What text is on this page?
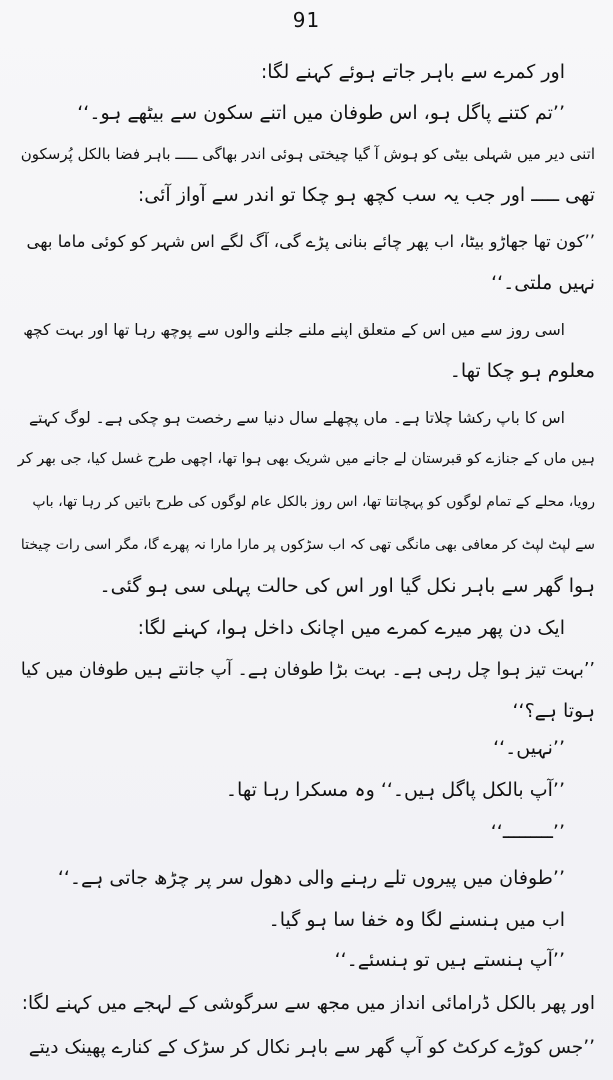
91
اور کمرے سے باہر جاتے ہوئے کہنے لگا:
’’تم کتنے پاگل ہو، اس طوفان میں اتنے سکون سے بیٹھے ہو۔‘‘
اتنی دیر میں شہلی بیٹی کو ہوش آ گیا چیختی ہوئی اندر بھاگی ـــــ باہر فضا بالکل پُرسکون
تھی ـــــ اور جب یہ سب کچھ ہو چکا تو اندر سے آواز آئی:
’’کون تھا جھاڑو بیٹا، اب پھر چائے بنانی پڑے گی، آگ لگے اس شہر کو کوئی ماما بھی
نہیں ملتی۔‘‘
اسی روز سے میں اس کے متعلق اپنے ملنے جلنے والوں سے پوچھ رہا تھا اور بہت کچھ
معلوم ہو چکا تھا۔
اس کا باپ رکشا چلاتا ہے۔ ماں پچھلے سال دنیا سے رخصت ہو چکی ہے۔ لوگ کہتے
ہیں ماں کے جنازے کو قبرستان لے جانے میں شریک بھی ہوا تھا، اچھی طرح غسل کیا، جی بھر کر
رویا، محلے کے تمام لوگوں کو پہچانتا تھا، اس روز بالکل عام لوگوں کی طرح باتیں کر رہا تھا، باپ
سے لپٹ لپٹ کر معافی بھی مانگی تھی کہ اب سڑکوں پر مارا مارا نہ پھرے گا، مگر اسی رات چیختا
ہوا گھر سے باہر نکل گیا اور اس کی حالت پہلی سی ہو گئی۔
ایک دن پھر میرے کمرے میں اچانک داخل ہوا، کہنے لگا:
’’بہت تیز ہوا چل رہی ہے۔ بہت بڑا طوفان ہے۔ آپ جانتے ہیں طوفان میں کیا
ہوتا ہے؟‘‘
’’نہیں۔‘‘
’’آپ بالکل پاگل ہیں۔‘‘ وہ مسکرا رہا تھا۔
’’ـــــــــ‘‘
’’طوفان میں پیروں تلے رہنے والی دھول سر پر چڑھ جاتی ہے۔‘‘
اب میں ہنسنے لگا وہ خفا سا ہو گیا۔
’’آپ ہنستے ہیں تو ہنسئے۔‘‘
اور پھر بالکل ڈرامائی انداز میں مجھ سے سرگوشی کے لہجے میں کہنے لگا:
’’جس کوڑے کرکٹ کو آپ گھر سے باہر نکال کر سڑک کے کنارے پھینک دیتے
